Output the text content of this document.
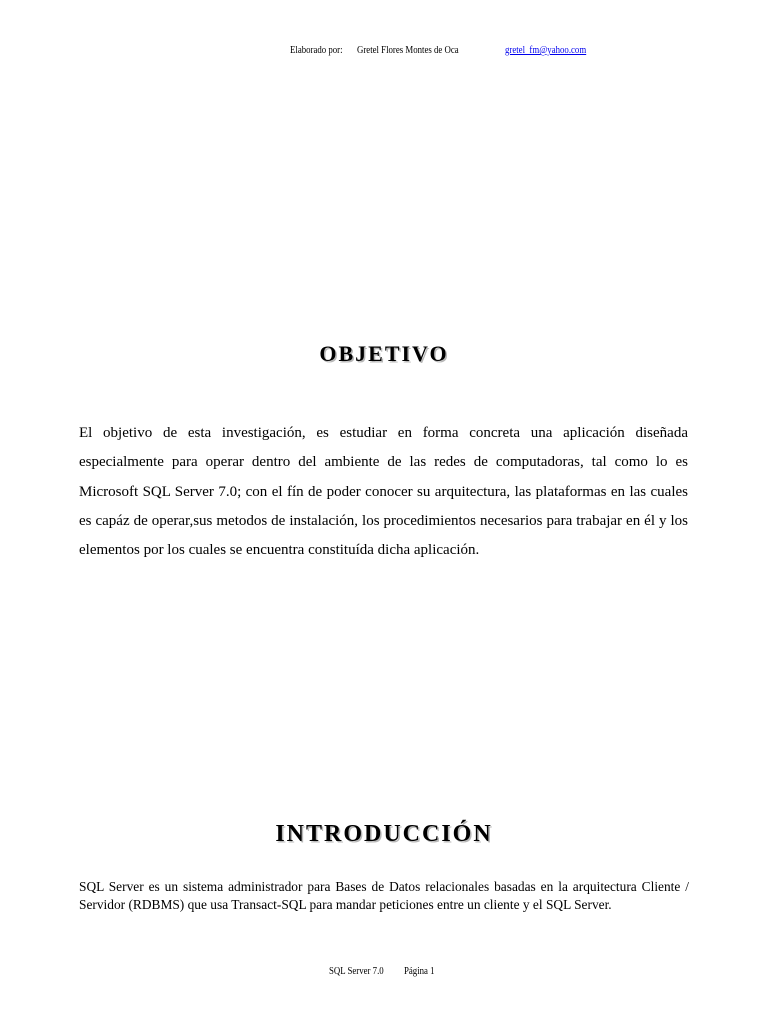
Elaborado por: Gretel Flores Montes de Oca	gretel_fm@yahoo.com
OBJETIVO

El objetivo de esta investigación, es estudiar en forma concreta una aplicación diseñada especialmente para operar dentro del ambiente de las redes de computadoras, tal como lo es Microsoft SQL Server 7.0; con el fín de poder conocer su arquitectura, las plataformas en las cuales es capáz de operar,sus metodos de instalación, los procedimientos necesarios para trabajar en él y los elementos por los cuales se encuentra constituída dicha aplicación.

INTRODUCCIÓN

SQL Server es un sistema administrador para Bases de Datos relacionales basadas en la arquitectura Cliente / Servidor (RDBMS) que usa Transact-SQL para mandar peticiones entre un cliente y el SQL Server.

SQL Server 7.0 Página 1
